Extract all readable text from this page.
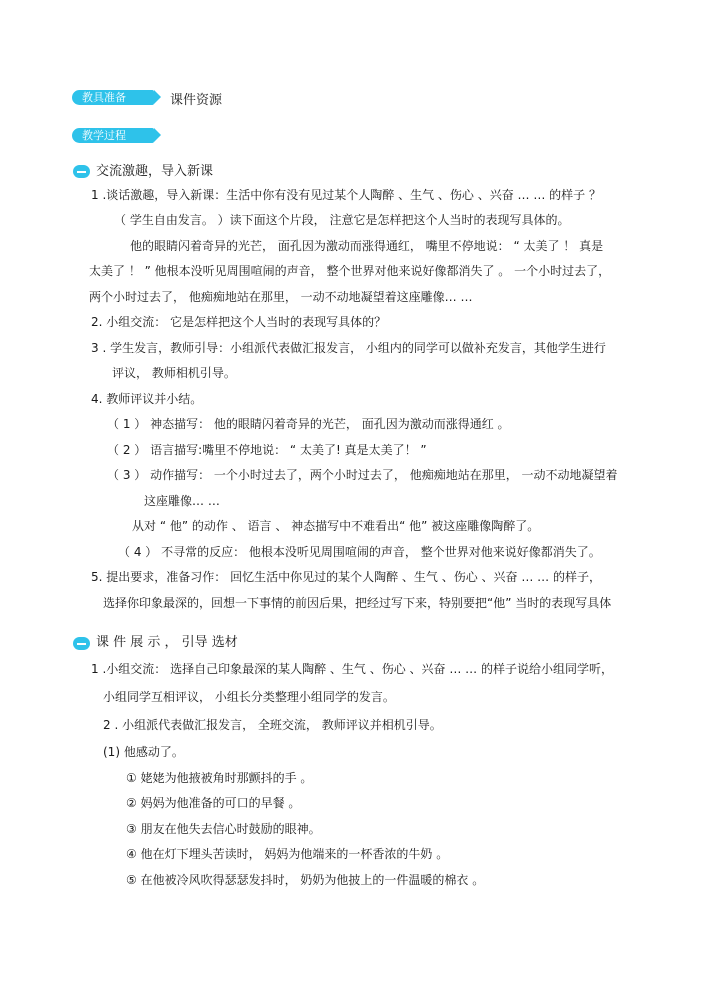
教具准备	课件资源
教学过程
交流激趣，导入新课
1 .谈话激趣，导入新课：生活中你有没有见过某个人陶醉 、生气 、伤心 、兴奋 … … 的样子 ？
（ 学生自由发言。 ）读下面这个片段， 注意它是怎样把这个人当时的表现写具体的。
他的眼睛闪着奇异的光芒， 面孔因为激动而涨得通红， 嘴里不停地说： “ 太美了 ！ 真是
太美了 ！ ” 他根本没听见周围喧闹的声音， 整个世界对他来说好像都消失了 。 一个小时过去了，
两个小时过去了， 他痴痴地站在那里， 一动不动地凝望着这座雕像… …
2. 小组交流： 它是怎样把这个人当时的表现写具体的？
3 . 学生发言，教师引导：小组派代表做汇报发言， 小组内的同学可以做补充发言，其他学生进行
评议， 教师相机引导。
4. 教师评议并小结。
（ 1 ） 神态描写： 他的眼睛闪着奇异的光芒， 面孔因为激动而涨得通红 。
（ 2 ） 语言描写:嘴里不停地说： “ 太美了! 真是太美了！ ”
（ 3 ） 动作描写： 一个小时过去了，两个小时过去了， 他痴痴地站在那里， 一动不动地凝望着
这座雕像… …
从对 “ 他” 的动作 、 语言 、 神态描写中不难看出“ 他” 被这座雕像陶醉了。
（ 4 ） 不寻常的反应： 他根本没听见周围喧闹的声音， 整个世界对他来说好像都消失了。
5. 提出要求，准备习作： 回忆生活中你见过的某个人陶醉 、生气 、伤心 、兴奋 … … 的样子，
选择你印象最深的，回想一下事情的前因后果，把经过写下来，特别要把“他” 当时的表现写具体
课 件 展 示 ， 引导 选材
1 .小组交流： 选择自己印象最深的某人陶醉 、生气 、伤心 、兴奋 … … 的样子说给小组同学听，
小组同学互相评议， 小组长分类整理小组同学的发言。
2 . 小组派代表做汇报发言， 全班交流， 教师评议并相机引导。
(1) 他感动了。
① 姥姥为他掖被角时那颤抖的手 。
② 妈妈为他准备的可口的早餐 。
③ 朋友在他失去信心时鼓励的眼神。
④ 他在灯下埋头苦读时， 妈妈为他端来的一杯香浓的牛奶 。
⑤ 在他被冷风吹得瑟瑟发抖时， 奶奶为他披上的一件温暖的棉衣 。
